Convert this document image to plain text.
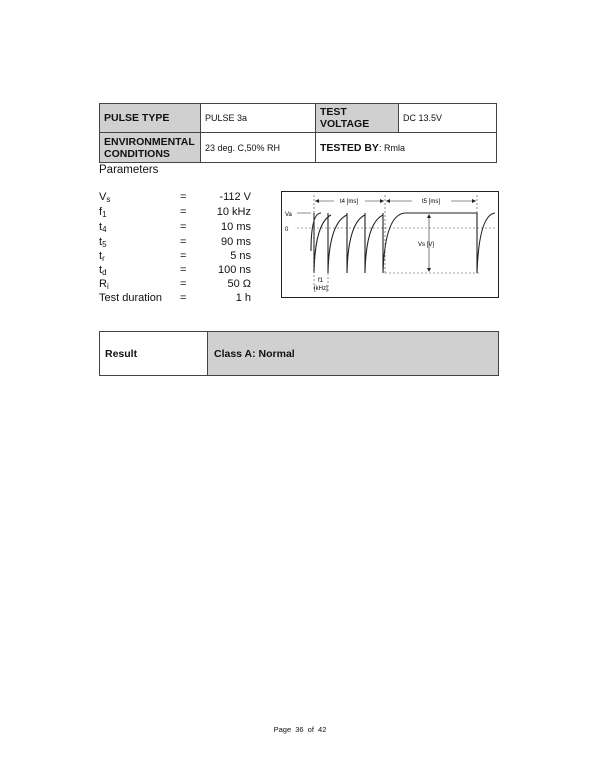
PULSE TYPE	PULSE 3a	TEST VOLTAGE	DC 13.5V

ENVIRONMENTAL
CONDITIONS	23 deg. C,50% RH	TESTED BY: Rmla	
Parameters
$V_s$	=	-112 V
$f_1$	=	10 kHz
$t_4$	=	10 ms
$t_5$	=	90 ms
$t_r$	=	5 ns
$t_d$	=	100 ns
$R_i$	=	50 Ω
Test duration =	1 h
t4 [ms]	t5 [ms]
Va
0
Vs [V]
f1
[kHz]
Result	Class A: Normal
Page 36 of 42
